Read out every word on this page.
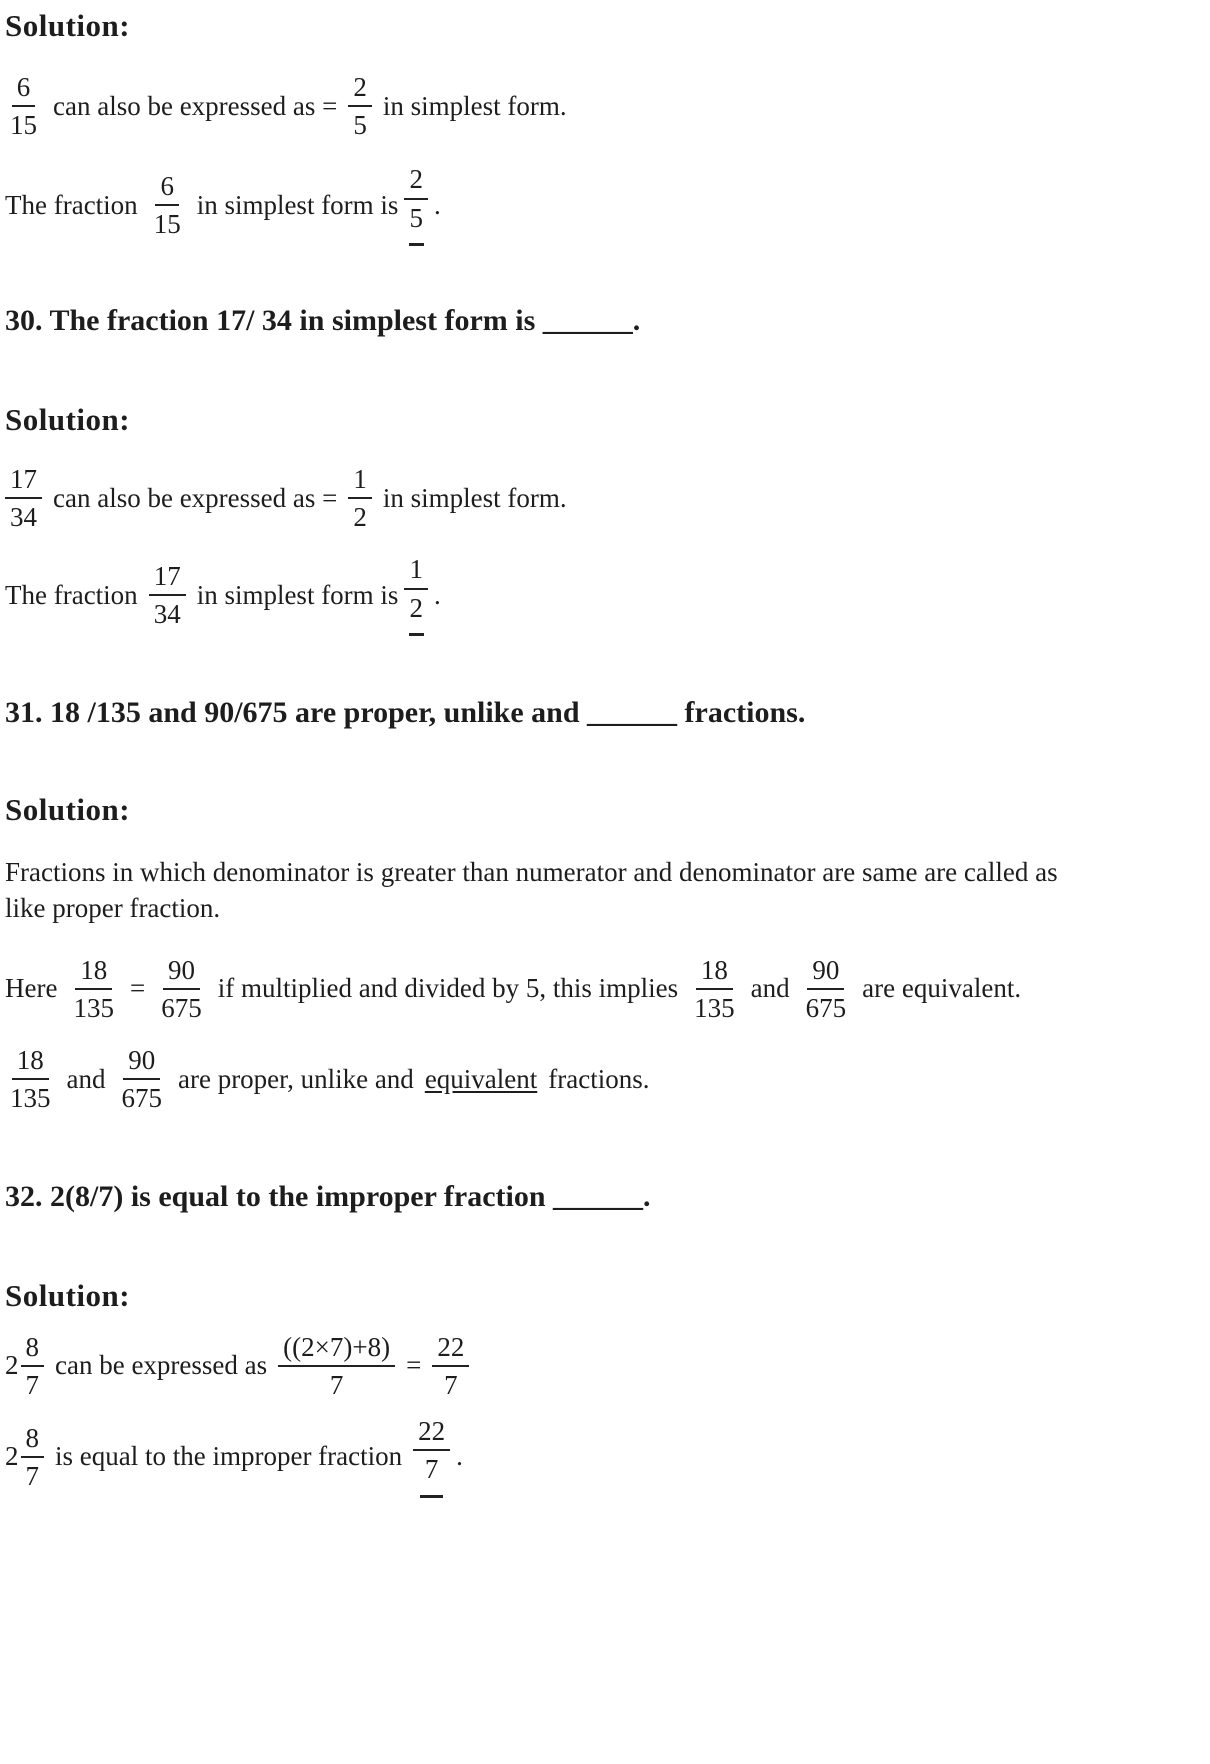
Solution:
$\frac{6}{15}$ can also be expressed as = $\frac{2}{5}$ in simplest form.
The fraction $\frac{6}{15}$ in simplest form is $\frac{2}{5}$ .
30. The fraction 17/ 34 in simplest form is ______.
Solution:
$\frac{17}{34}$ can also be expressed as = $\frac{1}{2}$ in simplest form.
The fraction $\frac{17}{34}$ in simplest form is $\frac{1}{2}$ .
31. 18 /135 and 90/675 are proper, unlike and ______ fractions.
Solution:
Fractions in which denominator is greater than numerator and denominator are same are called as like proper fraction.
Here $\frac{18}{135} = \frac{90}{675}$ if multiplied and divided by 5, this implies $\frac{18}{135}$ and $\frac{90}{675}$ are equivalent.
$\frac{18}{135}$ and $\frac{90}{675}$ are proper, unlike and equivalent fractions.
32. 2(8/7) is equal to the improper fraction ______.
Solution:
$2 \frac{8}{7}$ can be expressed as $\frac{((2\times 7)+8)}{7} = \frac{22}{7}$
$2 \frac{8}{7}$ is equal to the improper fraction $\frac{22}{7}$ .
